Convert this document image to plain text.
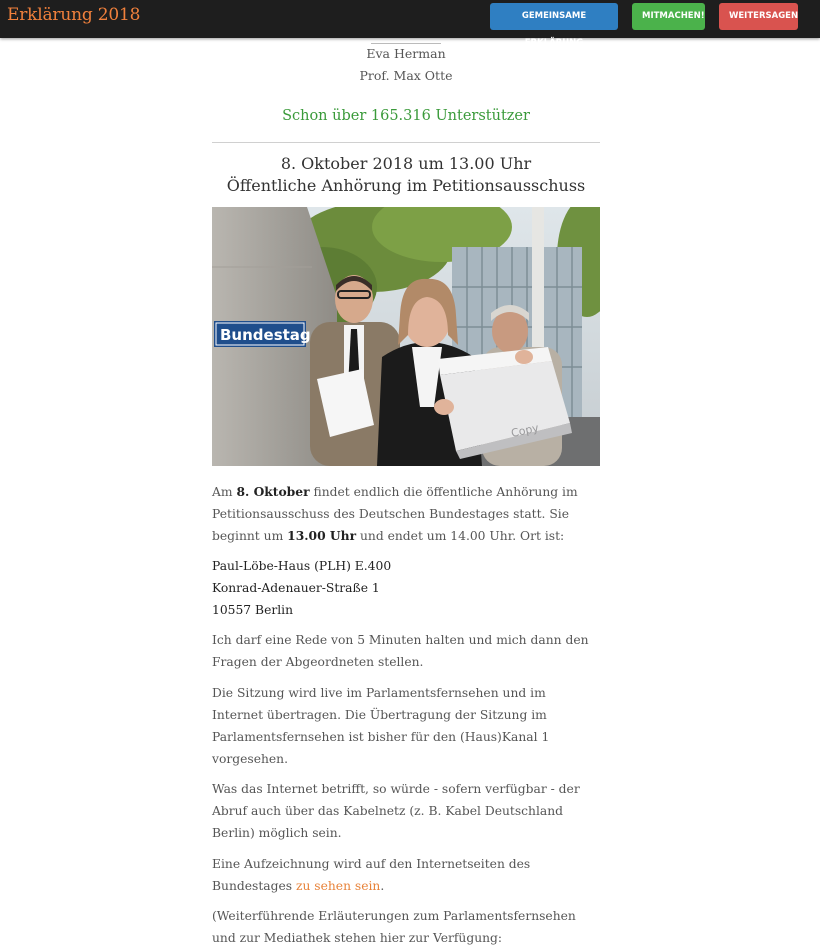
Erklärung 2018	GEMEINSAME ERKLÄRUNG
MITMACHEN!	WEITERSAGEN
Eva Herman
Prof. Max Otte
Schon über 165.316 Unterstützer
8. Oktober 2018 um 13.00 Uhr
Öffentliche Anhörung im Petitionsausschuss
Bundestag
Copy

Am 8. Oktober findet endlich die öffentliche Anhörung im Petitionsausschuss des Deutschen Bundestages statt. Sie beginnt um 13.00 Uhr und endet um 14.00 Uhr. Ort ist:

Paul-Löbe-Haus (PLH) E.400

Konrad-Adenauer-Straße 1

10557 Berlin

Ich darf eine Rede von 5 Minuten halten und mich dann den Fragen der Abgeordneten stellen.

Die Sitzung wird live im Parlamentsfernsehen und im Internet übertragen. Die Übertragung der Sitzung im Parlamentsfernsehen ist bisher für den (Haus)Kanal 1 vorgesehen.

Was das Internet betrifft, so würde - sofern verfügbar - der Abruf auch über das Kabelnetz (z. B. Kabel Deutschland Berlin) möglich sein.

Eine Aufzeichnung wird auf den Internetseiten des Bundestages zu sehen sein.

(Weiterführende Erläuterungen zum Parlamentsfernsehen und zur Mediathek stehen hier zur Verfügung:
